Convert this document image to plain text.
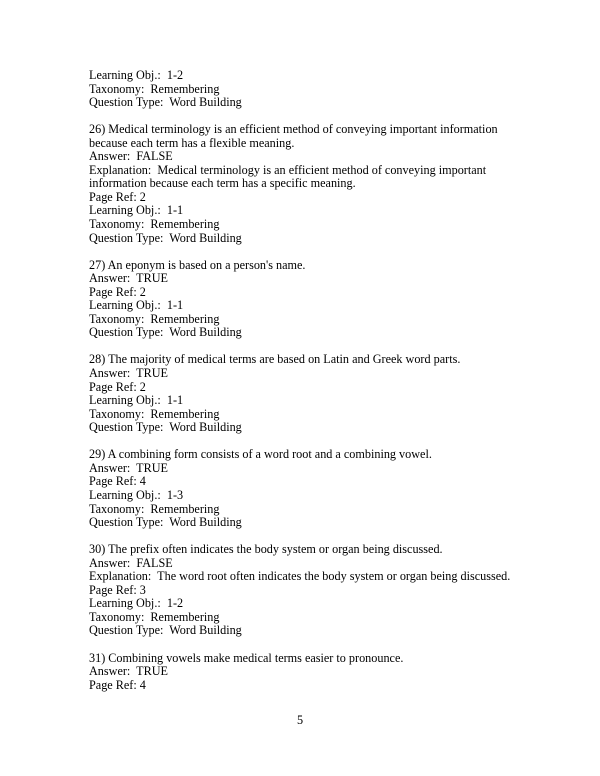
Learning Obj.:  1-2
Taxonomy:  Remembering
Question Type:  Word Building
26) Medical terminology is an efficient method of conveying important information
because each term has a flexible meaning.
Answer:  FALSE
Explanation:  Medical terminology is an efficient method of conveying important
information because each term has a specific meaning.
Page Ref: 2
Learning Obj.:  1-1
Taxonomy:  Remembering
Question Type:  Word Building
27) An eponym is based on a person's name.
Answer:  TRUE
Page Ref: 2
Learning Obj.:  1-1
Taxonomy:  Remembering
Question Type:  Word Building
28) The majority of medical terms are based on Latin and Greek word parts.
Answer:  TRUE
Page Ref: 2
Learning Obj.:  1-1
Taxonomy:  Remembering
Question Type:  Word Building
29) A combining form consists of a word root and a combining vowel.
Answer:  TRUE
Page Ref: 4
Learning Obj.:  1-3
Taxonomy:  Remembering
Question Type:  Word Building
30) The prefix often indicates the body system or organ being discussed.
Answer:  FALSE
Explanation:  The word root often indicates the body system or organ being discussed.
Page Ref: 3
Learning Obj.:  1-2
Taxonomy:  Remembering
Question Type:  Word Building
31) Combining vowels make medical terms easier to pronounce.
Answer:  TRUE
Page Ref: 4
5
